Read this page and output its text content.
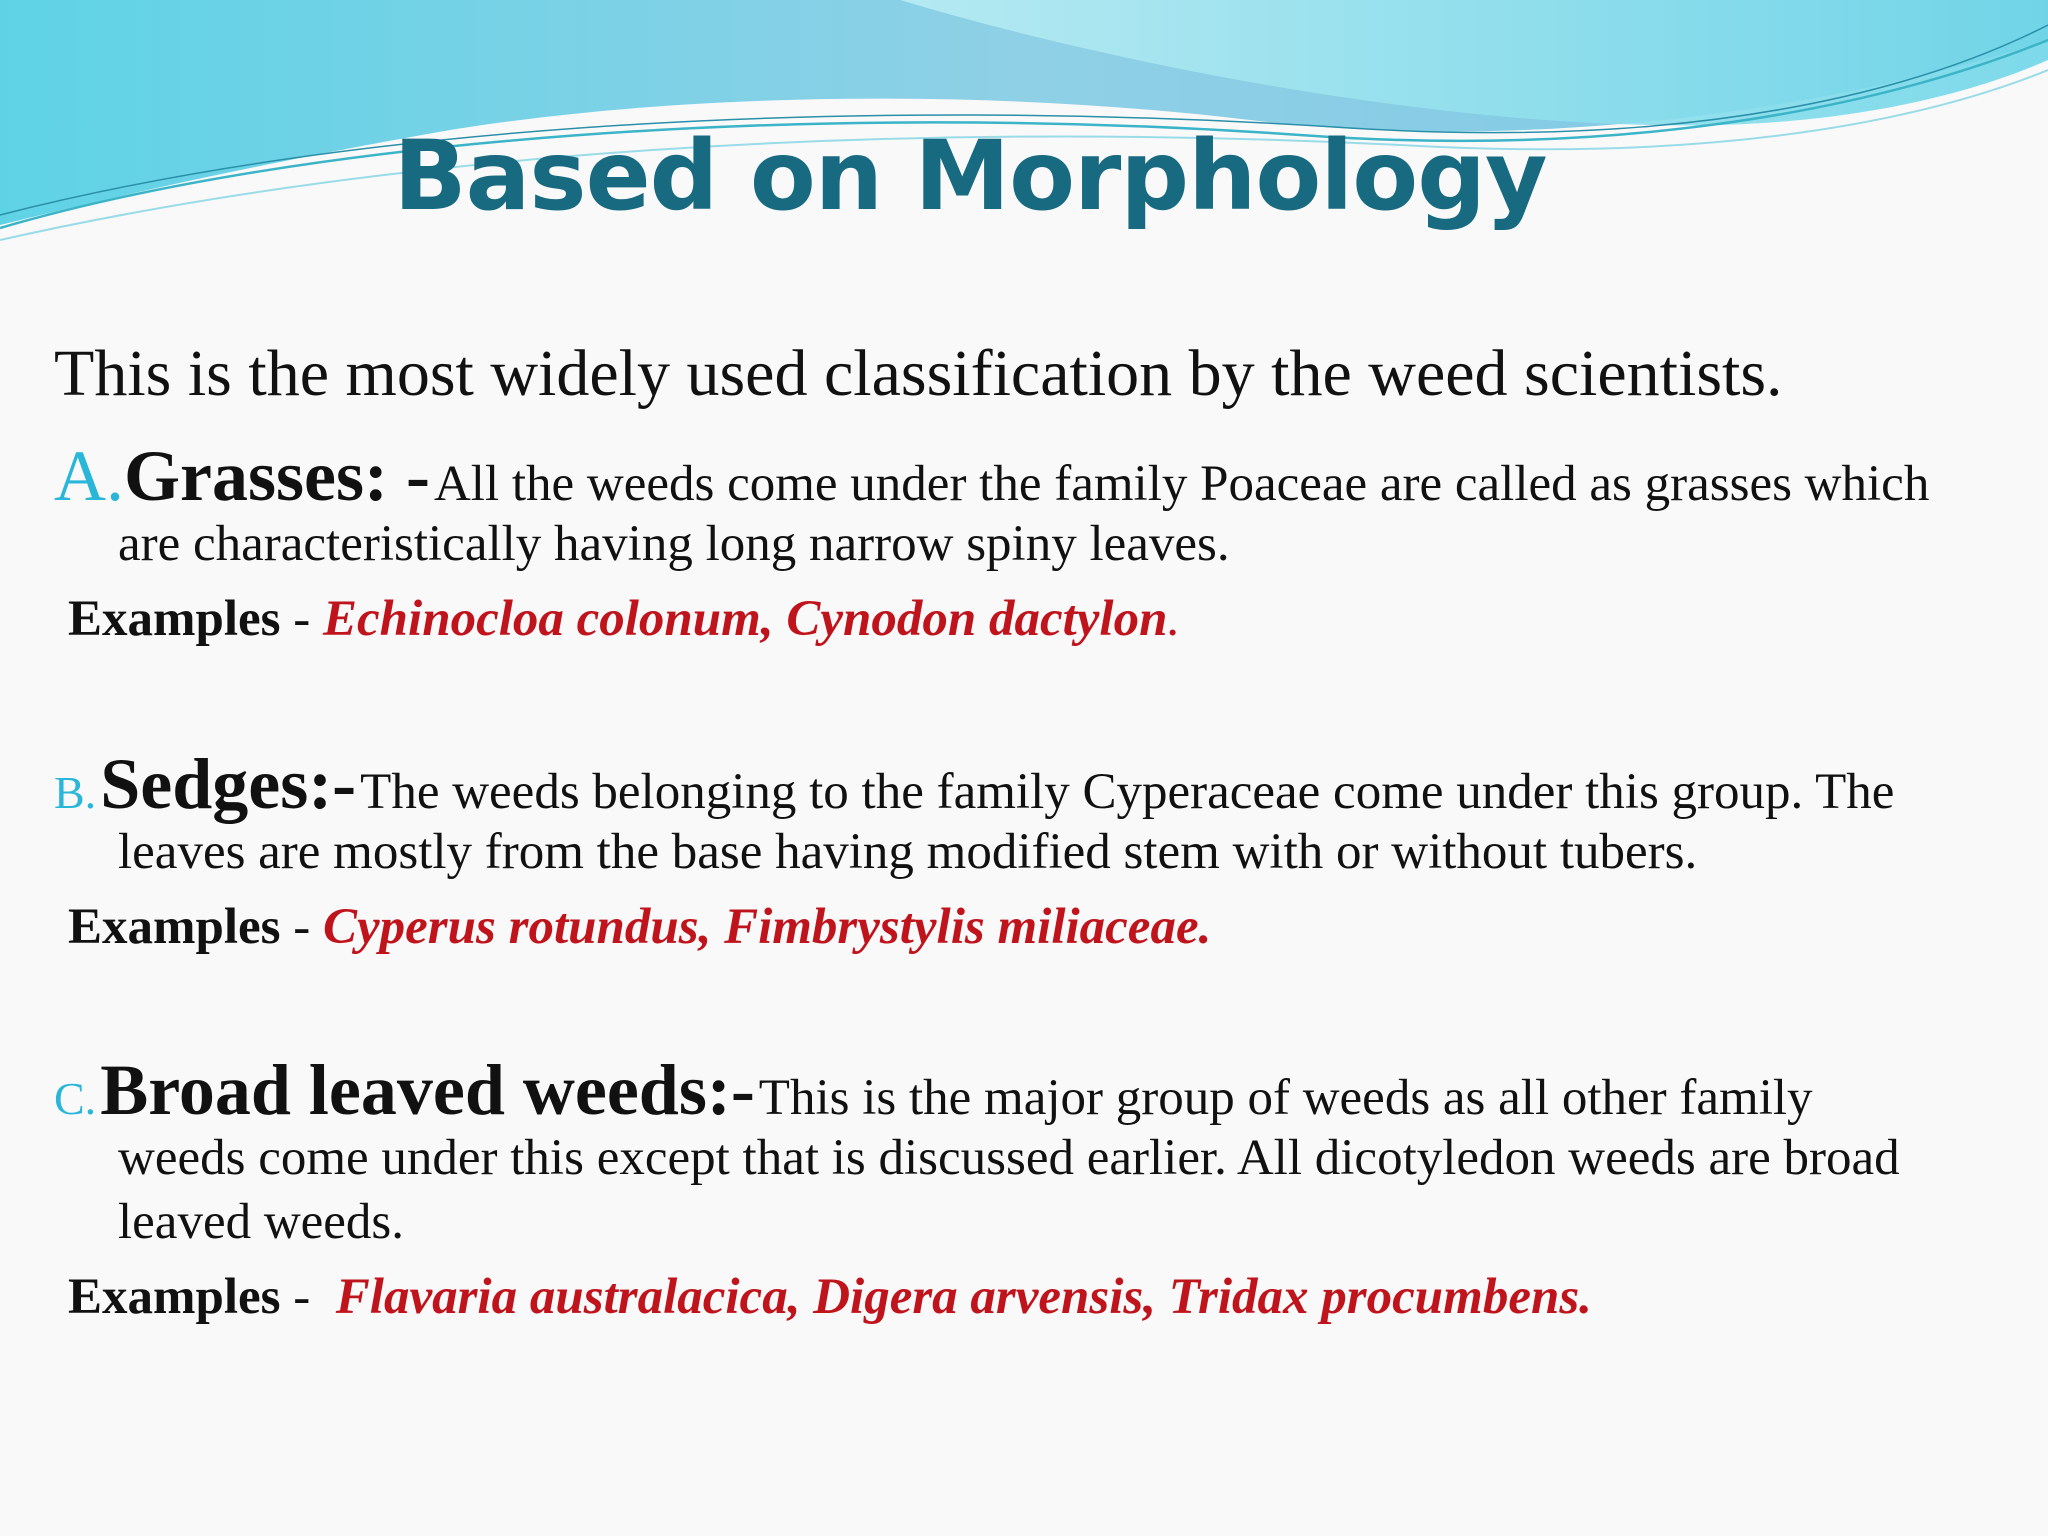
Based on Morphology
This is the most widely used classification by the weed scientists.
A.Grasses: - All the weeds come under the family Poaceae are called as grasses which
are characteristically having long narrow spiny leaves.
Examples - Echinocloa colonum, Cynodon dactylon.
B. Sedges:- The weeds belonging to the family Cyperaceae come under this group. The
leaves are mostly from the base having modified stem with or without tubers.
Examples - Cyperus rotundus, Fimbrystylis miliaceae.
C. Broad leaved weeds:- This is the major group of weeds as all other family
weeds come under this except that is discussed earlier. All dicotyledon weeds are broad
leaved weeds.
Examples -  Flavaria australacica, Digera arvensis, Tridax procumbens.
